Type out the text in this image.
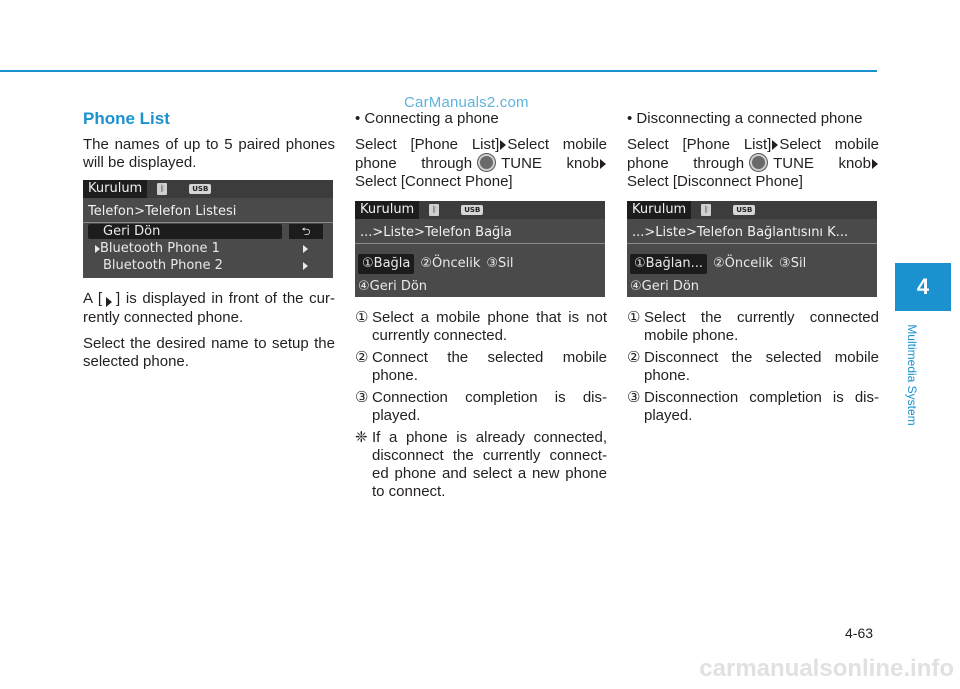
CarManuals2.com
Phone List

The names of up to 5 paired phones will be displayed.

Kurulum	ᛒ	USB
Telefon>Telefon Listesi
Geri Dön	⮌
Bluetooth Phone 1
Bluetooth Phone 2

A [ ] is displayed in front of the cur-rently connected phone.

Select the desired name to setup the selected phone.

• Connecting a phone

Select [Phone List] Select mobile phone through TUNE knob Select [Connect Phone]

Kurulum	ᛒ	USB
...>Liste>Telefon Bağla
①Bağla ②Öncelik ③Sil
④Geri Dön
① Select a mobile phone that is not currently connected.
② Connect the selected mobile phone.
③ Connection completion is dis-played.
❈ If a phone is already connected, disconnect the currently connect-ed phone and select a new phone to connect.

• Disconnecting a connected phone

Select [Phone List] Select mobile phone through TUNE knob Select [Disconnect Phone]

Kurulum	ᛒ	USB
...>Liste>Telefon Bağlantısını K...
①Bağlan... ②Öncelik ③Sil
④Geri Dön
① Select the currently connected mobile phone.
② Disconnect the selected mobile phone.
③ Disconnection completion is dis-played.
4
Multimedia System
4-63
carmanualsonline.info
